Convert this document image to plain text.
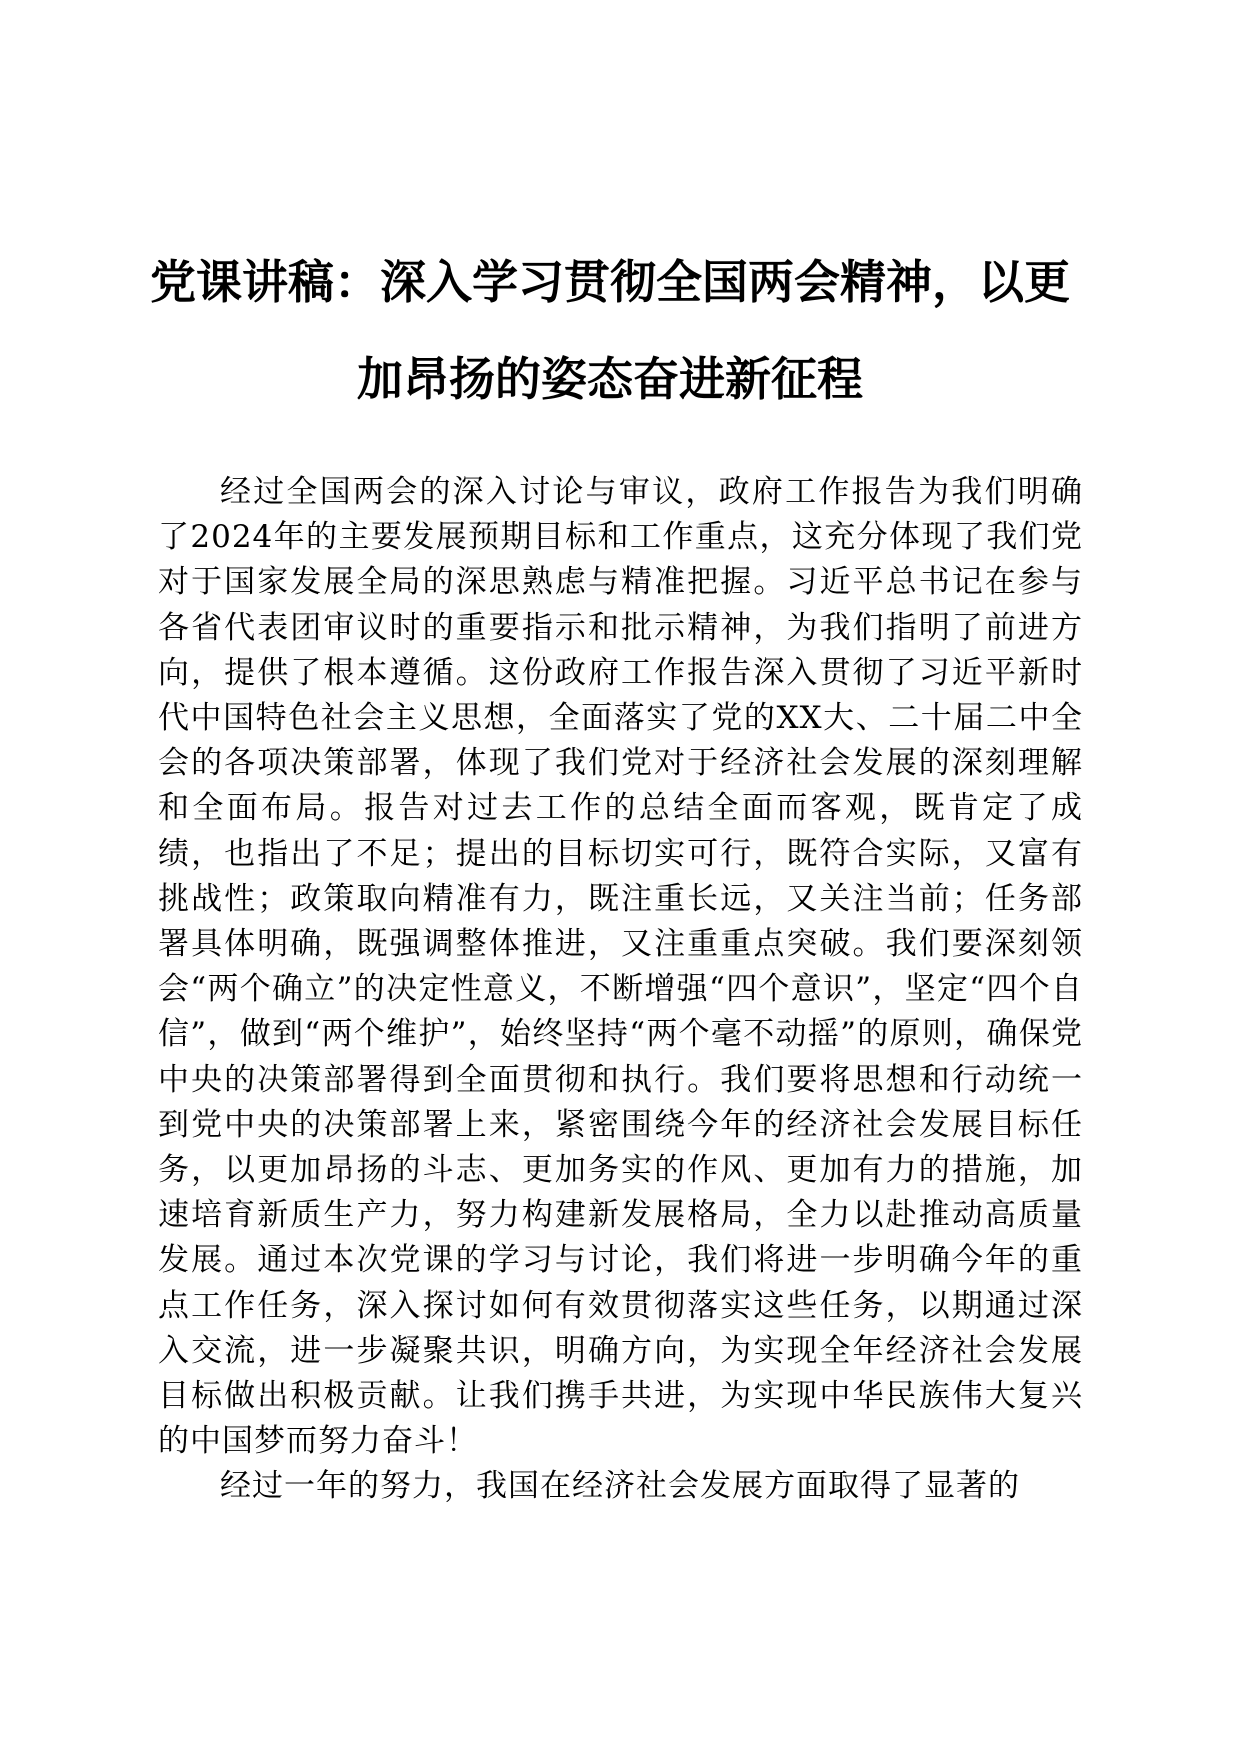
党课讲稿：深入学习贯彻全国两会精神，以更
加昂扬的姿态奋进新征程

经过全国两会的深入讨论与审议，政府工作报告为我们明确了2024年的主要发展预期目标和工作重点，这充分体现了我们党对于国家发展全局的深思熟虑与精准把握。习近平总书记在参与各省代表团审议时的重要指示和批示精神，为我们指明了前进方向，提供了根本遵循。这份政府工作报告深入贯彻了习近平新时代中国特色社会主义思想，全面落实了党的XX大、二十届二中全会的各项决策部署，体现了我们党对于经济社会发展的深刻理解和全面布局。报告对过去工作的总结全面而客观，既肯定了成绩，也指出了不足；提出的目标切实可行，既符合实际，又富有挑战性；政策取向精准有力，既注重长远，又关注当前；任务部署具体明确，既强调整体推进，又注重重点突破。我们要深刻领会“两个确立”的决定性意义，不断增强“四个意识”，坚定“四个自信”，做到“两个维护”，始终坚持“两个毫不动摇”的原则，确保党中央的决策部署得到全面贯彻和执行。我们要将思想和行动统一到党中央的决策部署上来，紧密围绕今年的经济社会发展目标任务，以更加昂扬的斗志、更加务实的作风、更加有力的措施，加速培育新质生产力，努力构建新发展格局，全力以赴推动高质量发展。通过本次党课的学习与讨论，我们将进一步明确今年的重点工作任务，深入探讨如何有效贯彻落实这些任务，以期通过深入交流，进一步凝聚共识，明确方向，为实现全年经济社会发展目标做出积极贡献。让我们携手共进，为实现中华民族伟大复兴的中国梦而努力奋斗！

经过一年的努力，我国在经济社会发展方面取得了显著的
